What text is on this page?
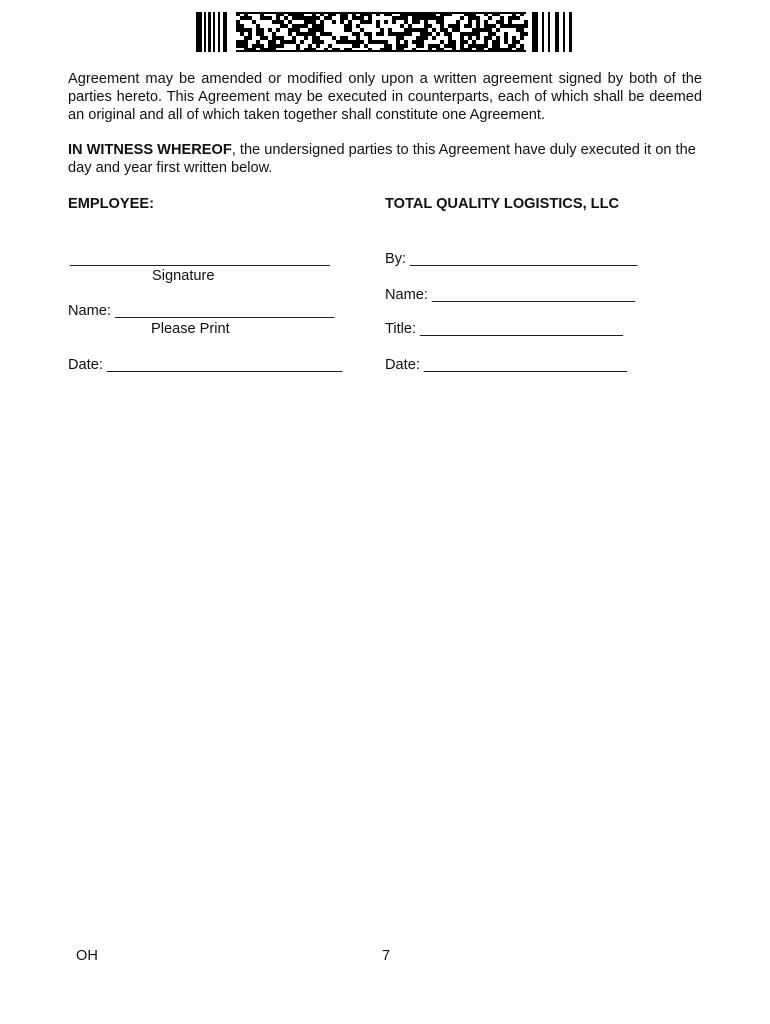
Agreement may be amended or modified only upon a written agreement signed by both of the parties hereto. This Agreement may be executed in counterparts, each of which shall be deemed an original and all of which taken together shall constitute one Agreement.

IN WITNESS WHEREOF, the undersigned parties to this Agreement have duly executed it on the day and year first written below.

EMPLOYEE:	TOTAL QUALITY LOGISTICS, LLC
________________________________
Signature
Name: ___________________________
Please Print
Date: _____________________________
By: ____________________________
Name: _________________________
Title: _________________________
Date: _________________________
OH	7
